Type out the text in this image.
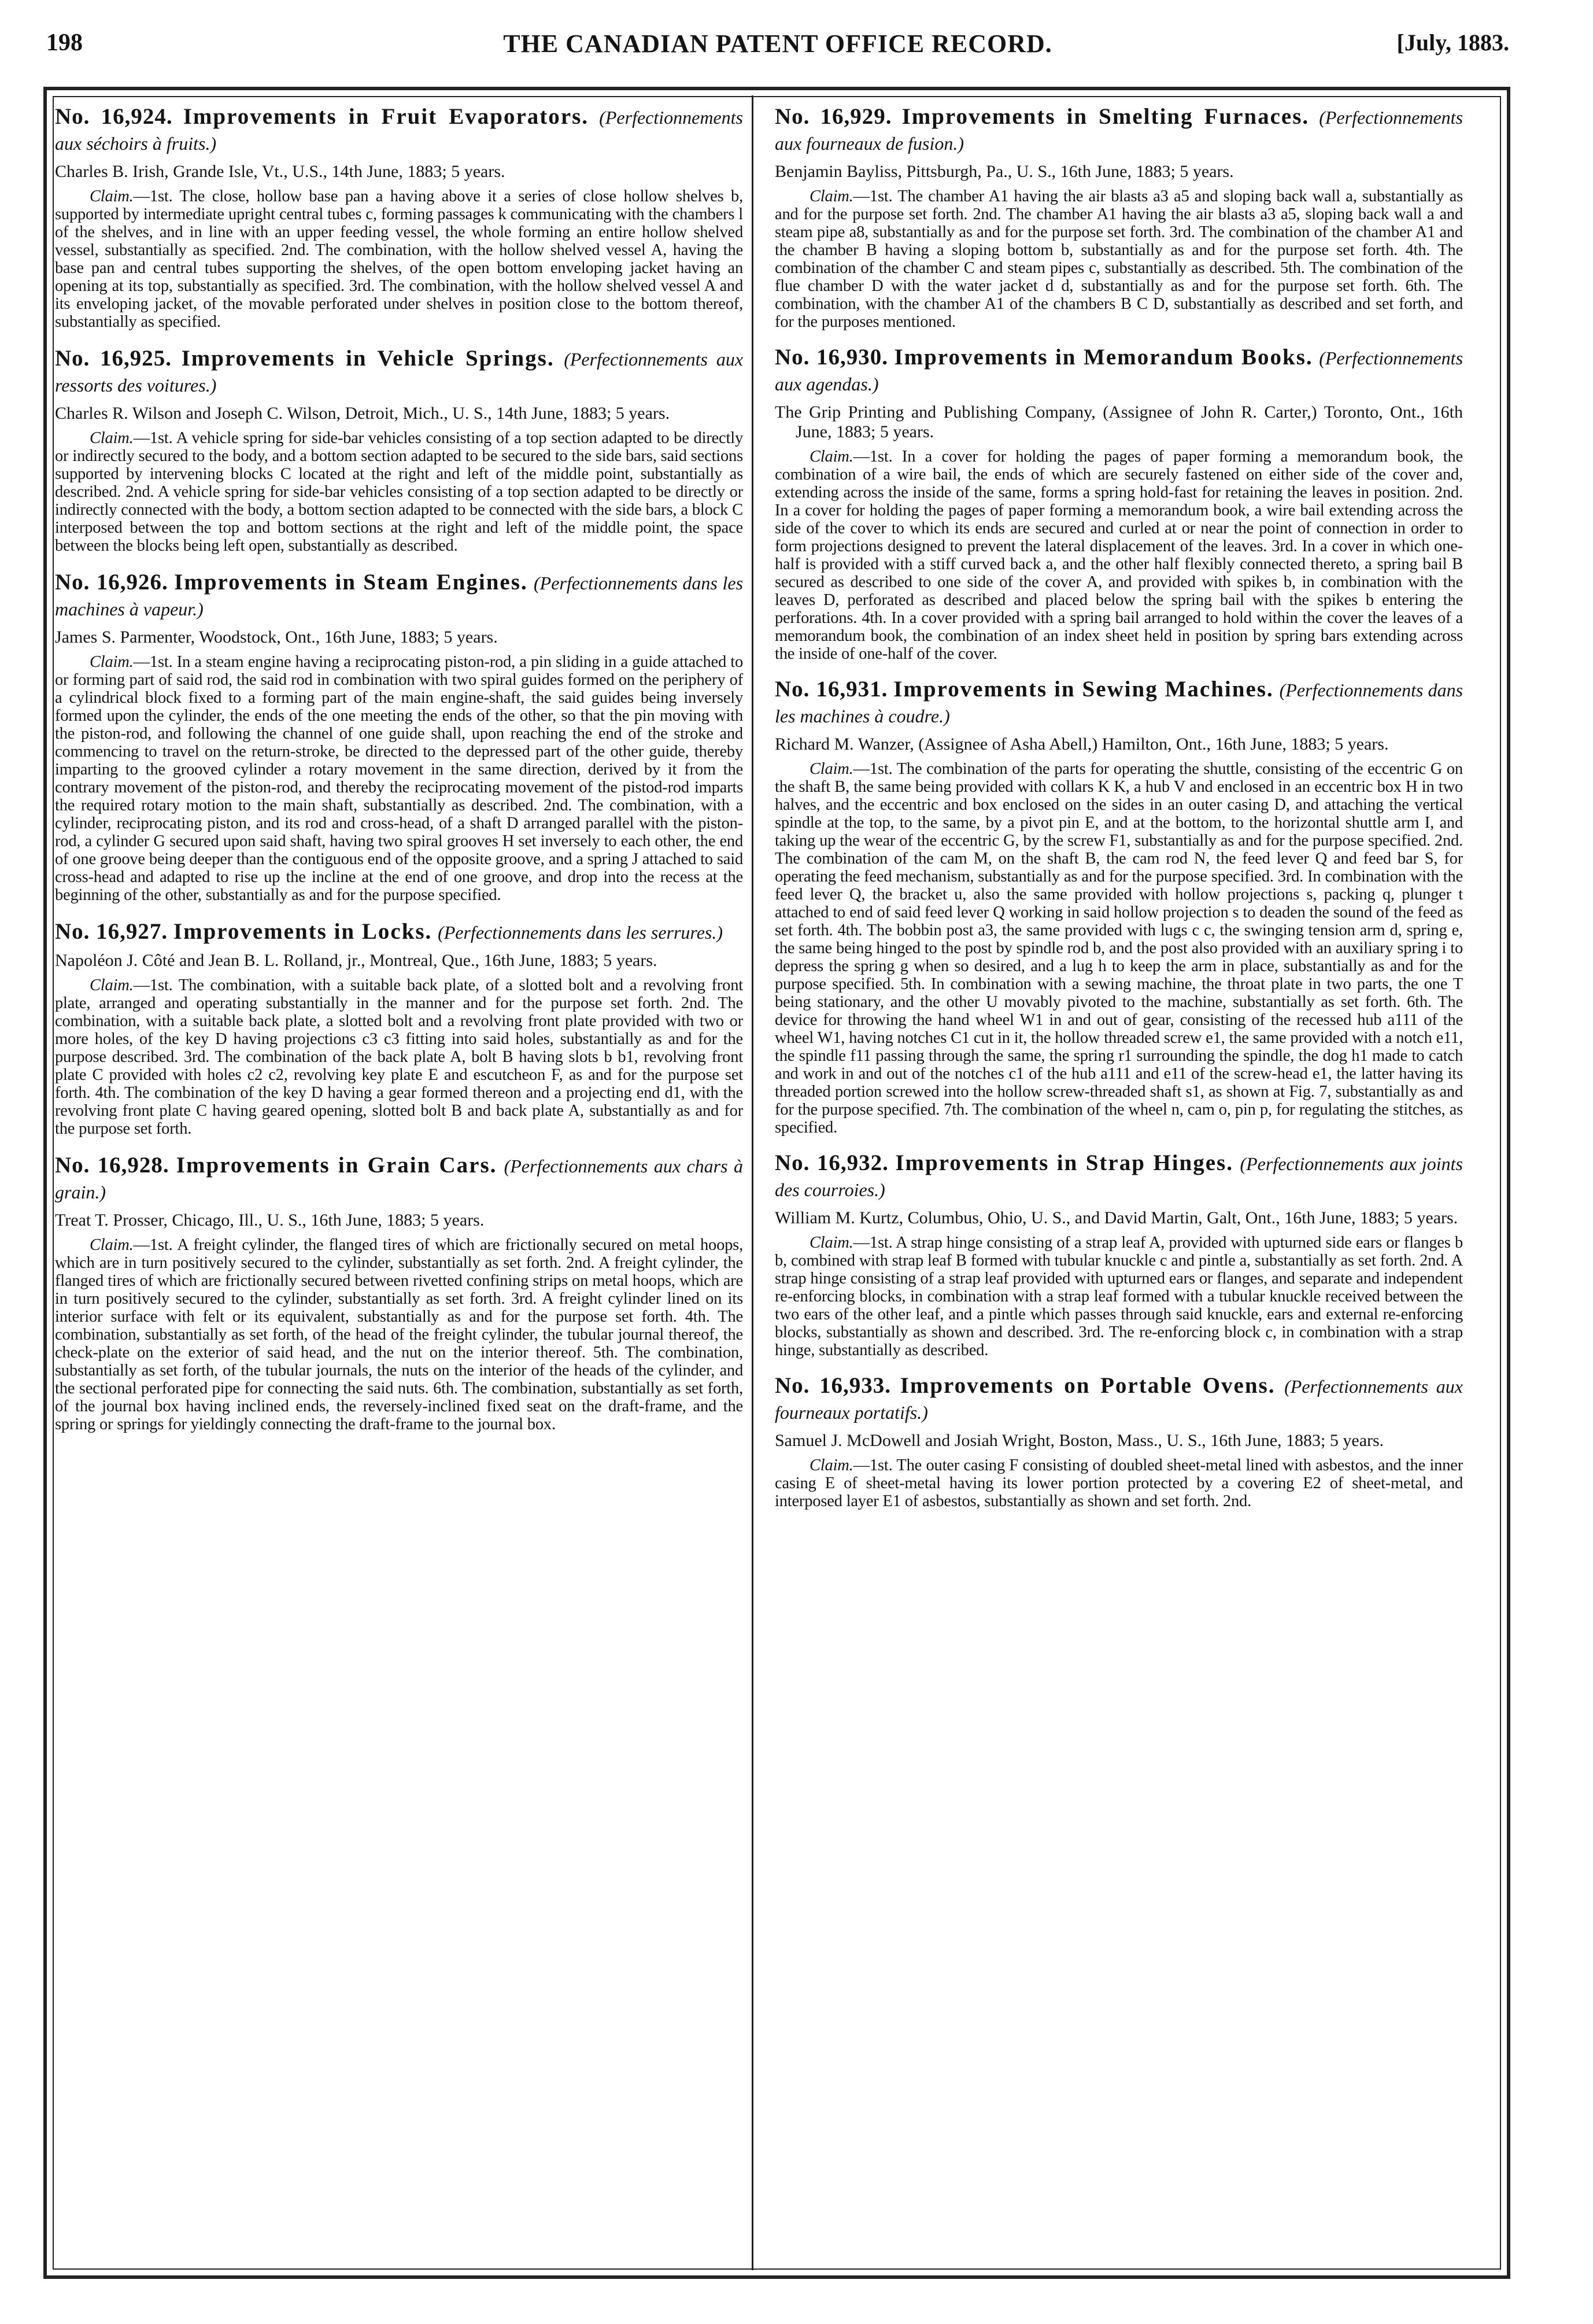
198	THE CANADIAN PATENT OFFICE RECORD.	[July, 1883.
No. 16,924. Improvements in Fruit Evaporators. (Perfectionnements aux séchoirs à fruits.)
Charles B. Irish, Grande Isle, Vt., U.S., 14th June, 1883; 5 years.

Claim.—1st. The close, hollow base pan a having above it a series of close hollow shelves b, supported by intermediate upright central tubes c, forming passages k communicating with the chambers l of the shelves, and in line with an upper feeding vessel, the whole forming an entire hollow shelved vessel, substantially as specified. 2nd. The combination, with the hollow shelved vessel A, having the base pan and central tubes supporting the shelves, of the open bottom enveloping jacket having an opening at its top, substantially as specified. 3rd. The combination, with the hollow shelved vessel A and its enveloping jacket, of the movable perforated under shelves in position close to the bottom thereof, substantially as specified.

No. 16,925. Improvements in Vehicle Springs. (Perfectionnements aux ressorts des voitures.)
Charles R. Wilson and Joseph C. Wilson, Detroit, Mich., U. S., 14th June, 1883; 5 years.

Claim.—1st. A vehicle spring for side-bar vehicles consisting of a top section adapted to be directly or indirectly secured to the body, and a bottom section adapted to be secured to the side bars, said sections supported by intervening blocks C located at the right and left of the middle point, substantially as described. 2nd. A vehicle spring for side-bar vehicles consisting of a top section adapted to be directly or indirectly connected with the body, a bottom section adapted to be connected with the side bars, a block C interposed between the top and bottom sections at the right and left of the middle point, the space between the blocks being left open, substantially as described.

No. 16,926. Improvements in Steam Engines. (Perfectionnements dans les machines à vapeur.)
James S. Parmenter, Woodstock, Ont., 16th June, 1883; 5 years.

Claim.—1st. In a steam engine having a reciprocating piston-rod, a pin sliding in a guide attached to or forming part of said rod, the said rod in combination with two spiral guides formed on the periphery of a cylindrical block fixed to a forming part of the main engine-shaft, the said guides being inversely formed upon the cylinder, the ends of the one meeting the ends of the other, so that the pin moving with the piston-rod, and following the channel of one guide shall, upon reaching the end of the stroke and commencing to travel on the return-stroke, be directed to the depressed part of the other guide, thereby imparting to the grooved cylinder a rotary movement in the same direction, derived by it from the contrary movement of the piston-rod, and thereby the reciprocating movement of the pistod-rod imparts the required rotary motion to the main shaft, substantially as described. 2nd. The combination, with a cylinder, reciprocating piston, and its rod and cross-head, of a shaft D arranged parallel with the piston-rod, a cylinder G secured upon said shaft, having two spiral grooves H set inversely to each other, the end of one groove being deeper than the contiguous end of the opposite groove, and a spring J attached to said cross-head and adapted to rise up the incline at the end of one groove, and drop into the recess at the beginning of the other, substantially as and for the purpose specified.

No. 16,927. Improvements in Locks. (Perfectionnements dans les serrures.)
Napoléon J. Côté and Jean B. L. Rolland, jr., Montreal, Que., 16th June, 1883; 5 years.

Claim.—1st. The combination, with a suitable back plate, of a slotted bolt and a revolving front plate, arranged and operating substantially in the manner and for the purpose set forth. 2nd. The combination, with a suitable back plate, a slotted bolt and a revolving front plate provided with two or more holes, of the key D having projections c3 c3 fitting into said holes, substantially as and for the purpose described. 3rd. The combination of the back plate A, bolt B having slots b b1, revolving front plate C provided with holes c2 c2, revolving key plate E and escutcheon F, as and for the purpose set forth. 4th. The combination of the key D having a gear formed thereon and a projecting end d1, with the revolving front plate C having geared opening, slotted bolt B and back plate A, substantially as and for the purpose set forth.

No. 16,928. Improvements in Grain Cars. (Perfectionnements aux chars à grain.)
Treat T. Prosser, Chicago, Ill., U. S., 16th June, 1883; 5 years.

Claim.—1st. A freight cylinder, the flanged tires of which are frictionally secured on metal hoops, which are in turn positively secured to the cylinder, substantially as set forth. 2nd. A freight cylinder, the flanged tires of which are frictionally secured between rivetted confining strips on metal hoops, which are in turn positively secured to the cylinder, substantially as set forth. 3rd. A freight cylinder lined on its interior surface with felt or its equivalent, substantially as and for the purpose set forth. 4th. The combination, substantially as set forth, of the head of the freight cylinder, the tubular journal thereof, the check-plate on the exterior of said head, and the nut on the interior thereof. 5th. The combination, substantially as set forth, of the tubular journals, the nuts on the interior of the heads of the cylinder, and the sectional perforated pipe for connecting the said nuts. 6th. The combination, substantially as set forth, of the journal box having inclined ends, the reversely-inclined fixed seat on the draft-frame, and the spring or springs for yieldingly connecting the draft-frame to the journal box.

No. 16,929. Improvements in Smelting Furnaces. (Perfectionnements aux fourneaux de fusion.)
Benjamin Bayliss, Pittsburgh, Pa., U. S., 16th June, 1883; 5 years.

Claim.—1st. The chamber A1 having the air blasts a3 a5 and sloping back wall a, substantially as and for the purpose set forth. 2nd. The chamber A1 having the air blasts a3 a5, sloping back wall a and steam pipe a8, substantially as and for the purpose set forth. 3rd. The combination of the chamber A1 and the chamber B having a sloping bottom b, substantially as and for the purpose set forth. 4th. The combination of the chamber C and steam pipes c, substantially as described. 5th. The combination of the flue chamber D with the water jacket d d, substantially as and for the purpose set forth. 6th. The combination, with the chamber A1 of the chambers B C D, substantially as described and set forth, and for the purposes mentioned.

No. 16,930. Improvements in Memorandum Books. (Perfectionnements aux agendas.)
The Grip Printing and Publishing Company, (Assignee of John R. Carter,) Toronto, Ont., 16th June, 1883; 5 years.

Claim.—1st. In a cover for holding the pages of paper forming a memorandum book, the combination of a wire bail, the ends of which are securely fastened on either side of the cover and, extending across the inside of the same, forms a spring hold-fast for retaining the leaves in position. 2nd. In a cover for holding the pages of paper forming a memorandum book, a wire bail extending across the side of the cover to which its ends are secured and curled at or near the point of connection in order to form projections designed to prevent the lateral displacement of the leaves. 3rd. In a cover in which one-half is provided with a stiff curved back a, and the other half flexibly connected thereto, a spring bail B secured as described to one side of the cover A, and provided with spikes b, in combination with the leaves D, perforated as described and placed below the spring bail with the spikes b entering the perforations. 4th. In a cover provided with a spring bail arranged to hold within the cover the leaves of a memorandum book, the combination of an index sheet held in position by spring bars extending across the inside of one-half of the cover.

No. 16,931. Improvements in Sewing Machines. (Perfectionnements dans les machines à coudre.)
Richard M. Wanzer, (Assignee of Asha Abell,) Hamilton, Ont., 16th June, 1883; 5 years.

Claim.—1st. The combination of the parts for operating the shuttle, consisting of the eccentric G on the shaft B, the same being provided with collars K K, a hub V and enclosed in an eccentric box H in two halves, and the eccentric and box enclosed on the sides in an outer casing D, and attaching the vertical spindle at the top, to the same, by a pivot pin E, and at the bottom, to the horizontal shuttle arm I, and taking up the wear of the eccentric G, by the screw F1, substantially as and for the purpose specified. 2nd. The combination of the cam M, on the shaft B, the cam rod N, the feed lever Q and feed bar S, for operating the feed mechanism, substantially as and for the purpose specified. 3rd. In combination with the feed lever Q, the bracket u, also the same provided with hollow projections s, packing q, plunger t attached to end of said feed lever Q working in said hollow projection s to deaden the sound of the feed as set forth. 4th. The bobbin post a3, the same provided with lugs c c, the swinging tension arm d, spring e, the same being hinged to the post by spindle rod b, and the post also provided with an auxiliary spring i to depress the spring g when so desired, and a lug h to keep the arm in place, substantially as and for the purpose specified. 5th. In combination with a sewing machine, the throat plate in two parts, the one T being stationary, and the other U movably pivoted to the machine, substantially as set forth. 6th. The device for throwing the hand wheel W1 in and out of gear, consisting of the recessed hub a111 of the wheel W1, having notches C1 cut in it, the hollow threaded screw e1, the same provided with a notch e11, the spindle f11 passing through the same, the spring r1 surrounding the spindle, the dog h1 made to catch and work in and out of the notches c1 of the hub a111 and e11 of the screw-head e1, the latter having its threaded portion screwed into the hollow screw-threaded shaft s1, as shown at Fig. 7, substantially as and for the purpose specified. 7th. The combination of the wheel n, cam o, pin p, for regulating the stitches, as specified.

No. 16,932. Improvements in Strap Hinges. (Perfectionnements aux joints des courroies.)
William M. Kurtz, Columbus, Ohio, U. S., and David Martin, Galt, Ont., 16th June, 1883; 5 years.

Claim.—1st. A strap hinge consisting of a strap leaf A, provided with upturned side ears or flanges b b, combined with strap leaf B formed with tubular knuckle c and pintle a, substantially as set forth. 2nd. A strap hinge consisting of a strap leaf provided with upturned ears or flanges, and separate and independent re-enforcing blocks, in combination with a strap leaf formed with a tubular knuckle received between the two ears of the other leaf, and a pintle which passes through said knuckle, ears and external re-enforcing blocks, substantially as shown and described. 3rd. The re-enforcing block c, in combination with a strap hinge, substantially as described.

No. 16,933. Improvements on Portable Ovens. (Perfectionnements aux fourneaux portatifs.)
Samuel J. McDowell and Josiah Wright, Boston, Mass., U. S., 16th June, 1883; 5 years.

Claim.—1st. The outer casing F consisting of doubled sheet-metal lined with asbestos, and the inner casing E of sheet-metal having its lower portion protected by a covering E2 of sheet-metal, and interposed layer E1 of asbestos, substantially as shown and set forth. 2nd.
